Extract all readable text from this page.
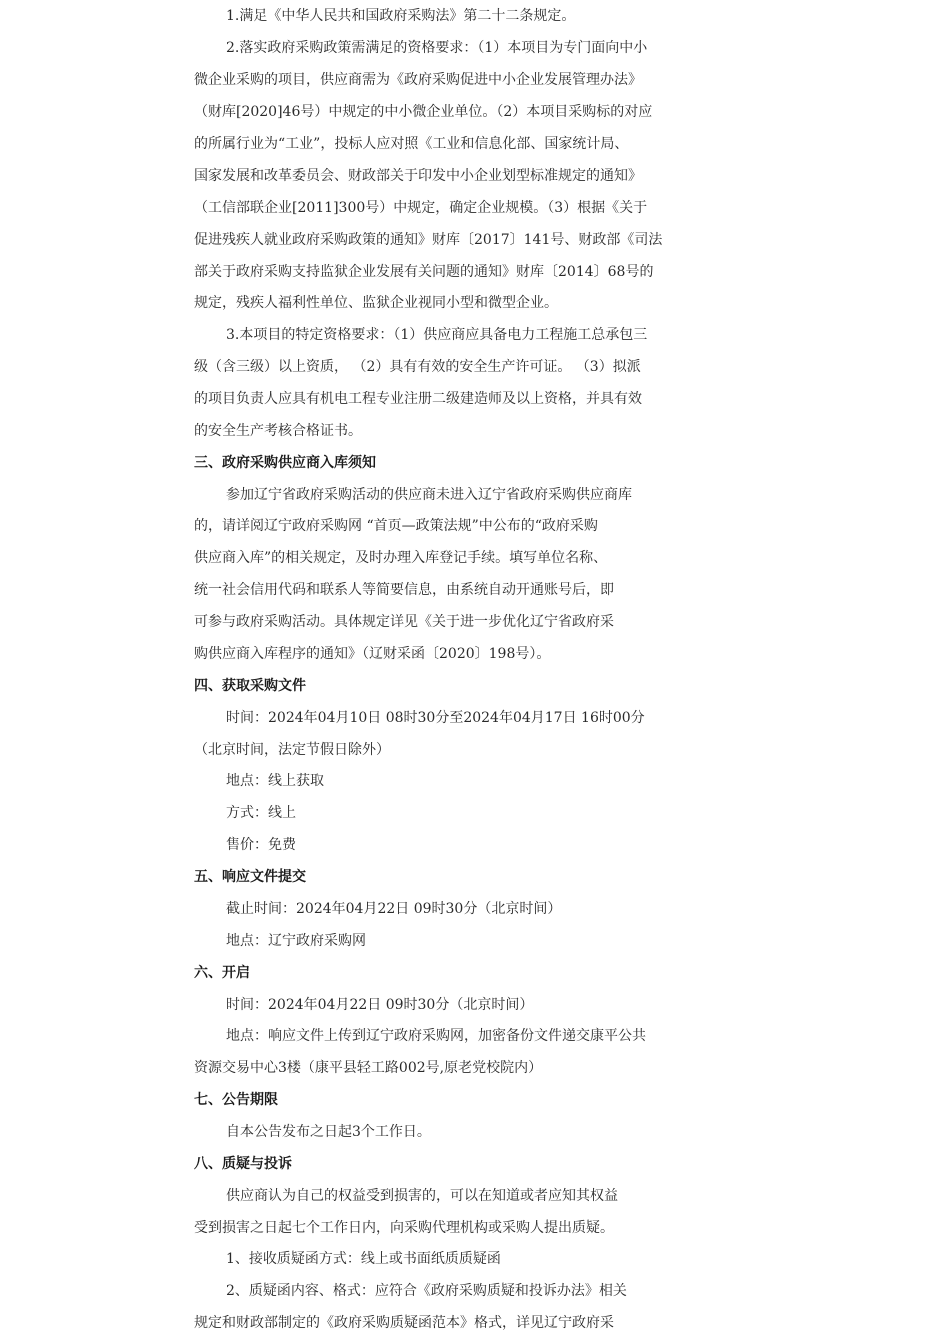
1.满足《中华人民共和国政府采购法》第二十二条规定。
2.落实政府采购政策需满足的资格要求：（1）本项目为专门面向中小
微企业采购的项目，供应商需为《政府采购促进中小企业发展管理办法》
（财库[2020]46号）中规定的中小微企业单位。（2）本项目采购标的对应
的所属行业为“工业”，投标人应对照《工业和信息化部、国家统计局、
国家发展和改革委员会、财政部关于印发中小企业划型标准规定的通知》
（工信部联企业[2011]300号）中规定，确定企业规模。（3）根据《关于
促进残疾人就业政府采购政策的通知》财库〔2017〕141号、财政部《司法
部关于政府采购支持监狱企业发展有关问题的通知》财库〔2014〕68号的
规定，残疾人福利性单位、监狱企业视同小型和微型企业。
3.本项目的特定资格要求：（1）供应商应具备电力工程施工总承包三
级（含三级）以上资质， （2）具有有效的安全生产许可证。 （3）拟派
的项目负责人应具有机电工程专业注册二级建造师及以上资格，并具有效
的安全生产考核合格证书。
三、政府采购供应商入库须知
参加辽宁省政府采购活动的供应商未进入辽宁省政府采购供应商库
的，请详阅辽宁政府采购网 “首页—政策法规”中公布的“政府采购
供应商入库”的相关规定，及时办理入库登记手续。填写单位名称、
统一社会信用代码和联系人等简要信息，由系统自动开通账号后，即
可参与政府采购活动。具体规定详见《关于进一步优化辽宁省政府采
购供应商入库程序的通知》（辽财采函〔2020〕198号）。
四、获取采购文件
时间：2024年04月10日 08时30分至2024年04月17日 16时00分
（北京时间，法定节假日除外）
地点：线上获取
方式：线上
售价：免费
五、响应文件提交
截止时间：2024年04月22日 09时30分（北京时间）
地点：辽宁政府采购网
六、开启
时间：2024年04月22日 09时30分（北京时间）
地点：响应文件上传到辽宁政府采购网，加密备份文件递交康平公共
资源交易中心3楼（康平县轻工路002号,原老党校院内）
七、公告期限
自本公告发布之日起3个工作日。
八、质疑与投诉
供应商认为自己的权益受到损害的，可以在知道或者应知其权益
受到损害之日起七个工作日内，向采购代理机构或采购人提出质疑。
1、接收质疑函方式：线上或书面纸质质疑函
2、质疑函内容、格式：应符合《政府采购质疑和投诉办法》相关
规定和财政部制定的《政府采购质疑函范本》格式，详见辽宁政府采
